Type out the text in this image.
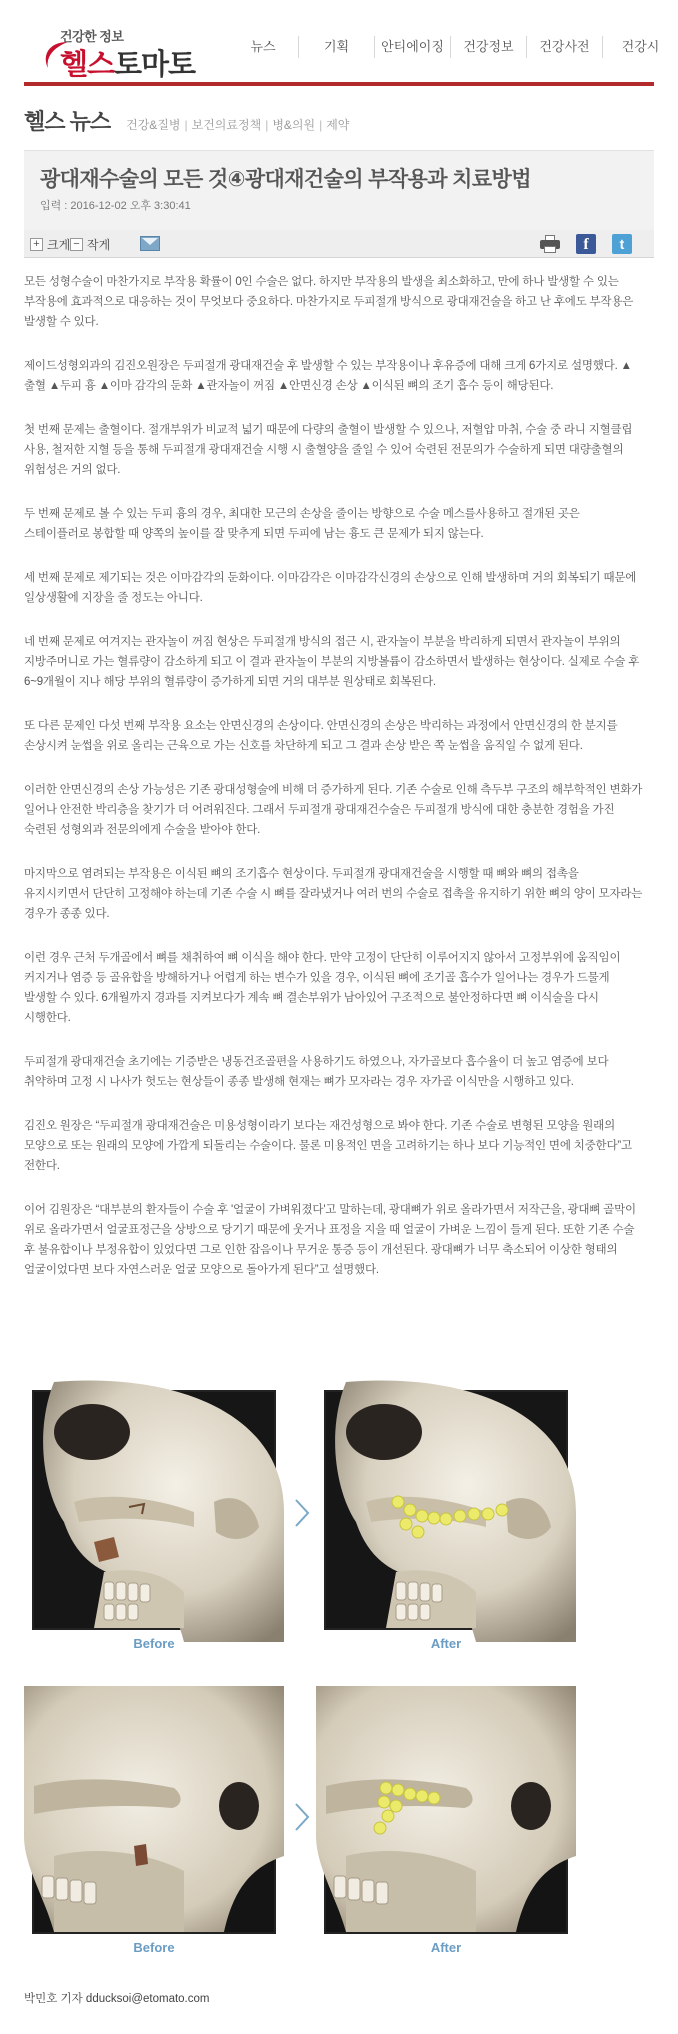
건강한 정보
헬스토마토
뉴스	기획	안티에이징	건강정보	건강사전	건강시
헬스 뉴스 건강&질병 | 보건의료정책 | 병&의원 | 제약
광대재수술의 모든 것④광대재건술의 부작용과 치료방법
입력 : 2016-12-02 오후 3:30:41
+ 크게 − 작게	f	t

모든 성형수술이 마찬가지로 부작용 확률이 0인 수술은 없다. 하지만 부작용의 발생을 최소화하고, 만에 하나 발생할 수 있는 부작용에 효과적으로 대응하는 것이 무엇보다 중요하다. 마찬가지로 두피절개 방식으로 광대재건술을 하고 난 후에도 부작용은 발생할 수 있다.

제이드성형외과의 김진오원장은 두피절개 광대재건술 후 발생할 수 있는 부작용이나 후유증에 대해 크게 6가지로 설명했다. ▲출혈 ▲두피 흉 ▲이마 감각의 둔화 ▲관자놀이 꺼짐 ▲안면신경 손상 ▲이식된 뼈의 조기 흡수 등이 해당된다.

첫 번째 문제는 출혈이다. 절개부위가 비교적 넓기 때문에 다량의 출혈이 발생할 수 있으나, 저혈압 마취, 수술 중 라니 지혈클립 사용, 철저한 지혈 등을 통해 두피절개 광대재건술 시행 시 출혈양을 줄일 수 있어 숙련된 전문의가 수술하게 되면 대량출혈의 위험성은 거의 없다.

두 번째 문제로 볼 수 있는 두피 흉의 경우, 최대한 모근의 손상을 줄이는 방향으로 수술 메스를사용하고 절개된 곳은 스테이플러로 봉합할 때 양쪽의 높이를 잘 맞추게 되면 두피에 남는 흉도 큰 문제가 되지 않는다.

세 번째 문제로 제기되는 것은 이마감각의 둔화이다. 이마감각은 이마감각신경의 손상으로 인해 발생하며 거의 회복되기 때문에 일상생활에 지장을 줄 정도는 아니다.

네 번째 문제로 여겨지는 관자놀이 꺼짐 현상은 두피절개 방식의 접근 시, 관자놀이 부분을 박리하게 되면서 관자놀이 부위의 지방주머니로 가는 혈류량이 감소하게 되고 이 결과 관자놀이 부분의 지방볼륨이 감소하면서 발생하는 현상이다. 실제로 수술 후 6~9개월이 지나 해당 부위의 혈류량이 증가하게 되면 거의 대부분 원상태로 회복된다.

또 다른 문제인 다섯 번째 부작용 요소는 안면신경의 손상이다. 안면신경의 손상은 박리하는 과정에서 안면신경의 한 분지를 손상시켜 눈썹을 위로 올리는 근육으로 가는 신호를 차단하게 되고 그 결과 손상 받은 쪽 눈썹을 움직일 수 없게 된다.

이러한 안면신경의 손상 가능성은 기존 광대성형술에 비해 더 증가하게 된다. 기존 수술로 인해 측두부 구조의 해부학적인 변화가 일어나 안전한 박리층을 찾기가 더 어려워진다. 그래서 두피절개 광대재건수술은 두피절개 방식에 대한 충분한 경험을 가진 숙련된 성형외과 전문의에게 수술을 받아야 한다.

마지막으로 염려되는 부작용은 이식된 뼈의 조기흡수 현상이다. 두피절개 광대재건술을 시행할 때 뼈와 뼈의 접촉을 유지시키면서 단단히 고정해야 하는데 기존 수술 시 뼈를 잘라냈거나 여러 번의 수술로 접촉을 유지하기 위한 뼈의 양이 모자라는 경우가 종종 있다.

이런 경우 근처 두개골에서 뼈를 채취하여 뼈 이식을 해야 한다. 만약 고정이 단단히 이루어지지 않아서 고정부위에 움직임이 커지거나 염증 등 골유합을 방해하거나 어렵게 하는 변수가 있을 경우, 이식된 뼈에 조기골 흡수가 일어나는 경우가 드물게 발생할 수 있다. 6개월까지 경과를 지켜보다가 계속 뼈 결손부위가 남아있어 구조적으로 불안정하다면 뼈 이식술을 다시 시행한다.

두피절개 광대재건술 초기에는 기증받은 냉동건조골편을 사용하기도 하였으나, 자가골보다 흡수율이 더 높고 염증에 보다 취약하며 고정 시 나사가 헛도는 현상들이 종종 발생해 현재는 뼈가 모자라는 경우 자가골 이식만을 시행하고 있다.

김진오 원장은 “두피절개 광대재건술은 미용성형이라기 보다는 재건성형으로 봐야 한다. 기존 수술로 변형된 모양을 원래의 모양으로 또는 원래의 모양에 가깝게 되돌리는 수술이다. 물론 미용적인 면을 고려하기는 하나 보다 기능적인 면에 치중한다”고 전한다.

이어 김원장은 “대부분의 환자들이 수술 후 '얼굴이 가벼워졌다'고 말하는데, 광대뼈가 위로 올라가면서 저작근을, 광대뼈 골막이 위로 올라가면서 얼굴표정근을 상방으로 당기기 때문에 웃거나 표정을 지을 때 얼굴이 가벼운 느낌이 들게 된다. 또한 기존 수술 후 불유합이나 부정유합이 있었다면 그로 인한 잡음이나 무거운 통증 등이 개선된다. 광대뼈가 너무 축소되어 이상한 형태의 얼굴이었다면 보다 자연스러운 얼굴 모양으로 돌아가게 된다”고 설명했다.

Before	After
Before	After
박민호 기자 dducksoi@etomato.com
